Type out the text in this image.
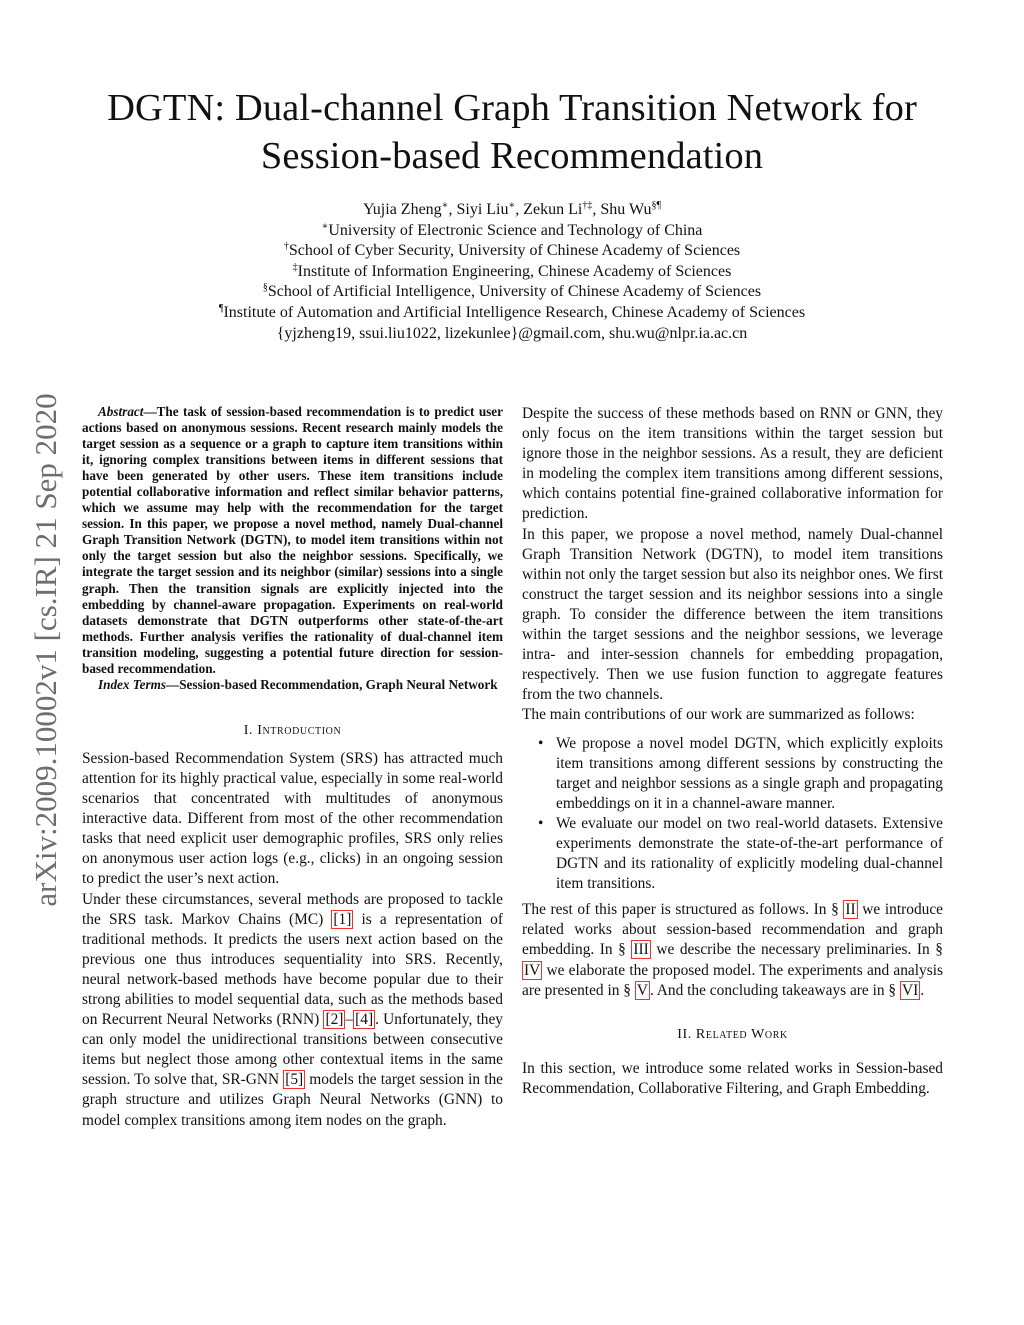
DGTN: Dual-channel Graph Transition Network for
Session-based Recommendation
Yujia Zheng∗, Siyi Liu∗, Zekun Li†‡, Shu Wu§¶
∗University of Electronic Science and Technology of China
†School of Cyber Security, University of Chinese Academy of Sciences
‡Institute of Information Engineering, Chinese Academy of Sciences
§School of Artificial Intelligence, University of Chinese Academy of Sciences
¶Institute of Automation and Artificial Intelligence Research, Chinese Academy of Sciences
{yjzheng19, ssui.liu1022, lizekunlee}@gmail.com, shu.wu@nlpr.ia.ac.cn
arXiv:2009.10002v1 [cs.IR] 21 Sep 2020	Abstract—The task of session-based recommendation is to predict user actions based on anonymous sessions. Recent research mainly models the target session as a sequence or a graph to capture item transitions within it, ignoring complex transitions between items in different sessions that have been generated by other users. These item transitions include potential collaborative information and reflect similar behavior patterns, which we assume may help with the recommendation for the target session. In this paper, we propose a novel method, namely Dual-channel Graph Transition Network (DGTN), to model item transitions within not only the target session but also the neighbor sessions. Specifically, we integrate the target session and its neighbor (similar) sessions into a single graph. Then the transition signals are explicitly injected into the embedding by channel-aware propagation. Experiments on real-world datasets demonstrate that DGTN outperforms other state-of-the-art methods. Further analysis verifies the rationality of dual-channel item transition modeling, suggesting a potential future direction for session-based recommendation.

Index Terms—Session-based Recommendation, Graph Neural Network

I. Introduction

Session-based Recommendation System (SRS) has attracted much attention for its highly practical value, especially in some real-world scenarios that concentrated with multitudes of anonymous interactive data. Different from most of the other recommendation tasks that need explicit user demographic profiles, SRS only relies on anonymous user action logs (e.g., clicks) in an ongoing session to predict the user’s next action.

Under these circumstances, several methods are proposed to tackle the SRS task. Markov Chains (MC) [1] is a representation of traditional methods. It predicts the users next action based on the previous one thus introduces sequentiality into SRS. Recently, neural network-based methods have become popular due to their strong abilities to model sequential data, such as the methods based on Recurrent Neural Networks (RNN) [2] – [4] . Unfortunately, they can only model the unidirectional transitions between consecutive items but neglect those among other contextual items in the same session. To solve that, SR-GNN [5] models the target session in the graph structure and utilizes Graph Neural Networks (GNN) to model complex transitions among item nodes on the graph.

Despite the success of these methods based on RNN or GNN, they only focus on the item transitions within the target session but ignore those in the neighbor sessions. As a result, they are deficient in modeling the complex item transitions among different sessions, which contains potential fine-grained collaborative information for prediction.

In this paper, we propose a novel method, namely Dual-channel Graph Transition Network (DGTN), to model item transitions within not only the target session but also its neighbor ones. We first construct the target session and its neighbor sessions into a single graph. To consider the difference between the item transitions within the target sessions and the neighbor sessions, we leverage intra- and inter-session channels for embedding propagation, respectively. Then we use fusion function to aggregate features from the two channels.

The main contributions of our work are summarized as follows:

• We propose a novel model DGTN, which explicitly exploits item transitions among different sessions by constructing the target and neighbor sessions as a single graph and propagating embeddings on it in a channel-aware manner.
• We evaluate our model on two real-world datasets. Extensive experiments demonstrate the state-of-the-art performance of DGTN and its rationality of explicitly modeling dual-channel item transitions.

The rest of this paper is structured as follows. In § II we introduce related works about session-based recommendation and graph embedding. In § III we describe the necessary preliminaries. In § IV we elaborate the proposed model. The experiments and analysis are presented in § V . And the concluding takeaways are in § VI .

II. Related Work

In this section, we introduce some related works in Session-based Recommendation, Collaborative Filtering, and Graph Embedding.
